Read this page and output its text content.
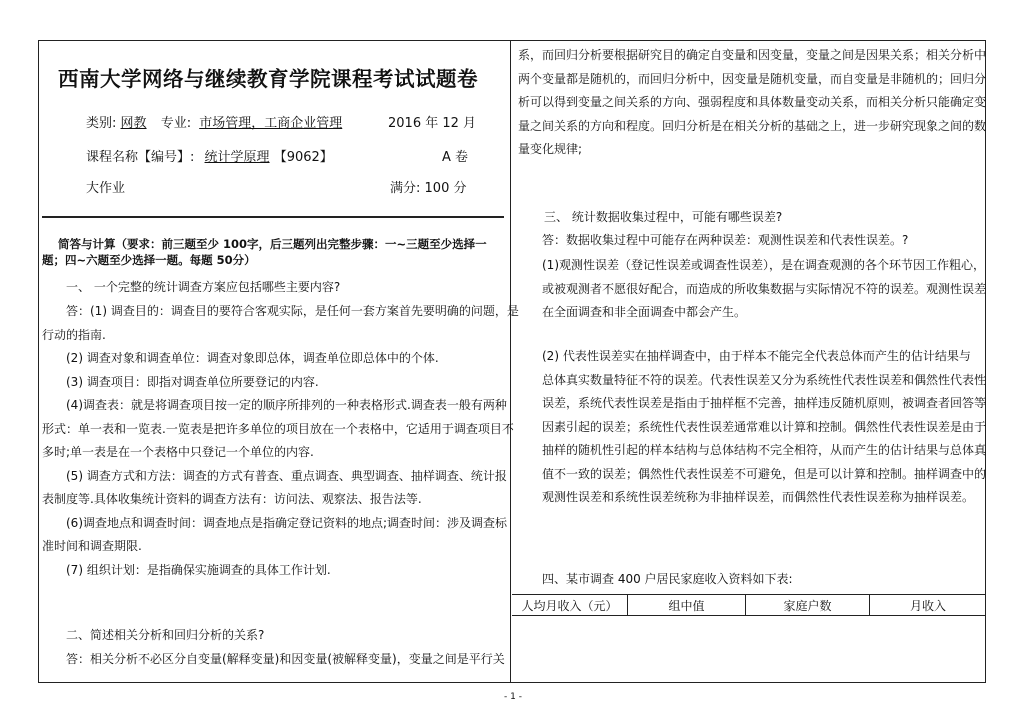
西南大学网络与继续教育学院课程考试试题卷
类别: 网教 专业: 市场管理，工商企业管理	2016 年 12 月
课程名称【编号】: 统计学原理 【9062】	A 卷
大作业	满分: 100 分
简答与计算（要求：前三题至少 100字，后三题列出完整步骤：一~三题至少选择一
题；四~六题至少选择一题。每题 50分）
一、 一个完整的统计调查方案应包括哪些主要内容?
答：(1) 调查目的：调查目的要符合客观实际，是任何一套方案首先要明确的问题，是
行动的指南.
(2) 调查对象和调查单位：调查对象即总体，调查单位即总体中的个体.
(3) 调查项目：即指对调查单位所要登记的内容.
(4)调查表：就是将调查项目按一定的顺序所排列的一种表格形式.调查表一般有两种
形式：单一表和一览表.一览表是把许多单位的项目放在一个表格中，它适用于调查项目不
多时;单一表是在一个表格中只登记一个单位的内容.
(5) 调查方式和方法：调查的方式有普查、重点调查、典型调查、抽样调查、统计报
表制度等.具体收集统计资料的调查方法有：访问法、观察法、报告法等.
(6)调查地点和调查时间：调查地点是指确定登记资料的地点;调查时间：涉及调查标
准时间和调查期限.
(7) 组织计划：是指确保实施调查的具体工作计划.
二、简述相关分析和回归分析的关系?
答：相关分析不必区分自变量(解释变量)和因变量(被解释变量)，变量之间是平行关
系，而回归分析要根据研究目的确定自变量和因变量，变量之间是因果关系；相关分析中
两个变量都是随机的，而回归分析中，因变量是随机变量，而自变量是非随机的；回归分
析可以得到变量之间关系的方向、强弱程度和具体数量变动关系，而相关分析只能确定变
量之间关系的方向和程度。回归分析是在相关分析的基础之上，进一步研究现象之间的数
量变化规律;
三、 统计数据收集过程中，可能有哪些误差?
答：数据收集过程中可能存在两种误差：观测性误差和代表性误差。?
(1)观测性误差（登记性误差或调查性误差），是在调查观测的各个环节因工作粗心，
或被观测者不愿很好配合，而造成的所收集数据与实际情况不符的误差。观测性误差
在全面调查和非全面调查中都会产生。
(2) 代表性误差实在抽样调查中，由于样本不能完全代表总体而产生的估计结果与
总体真实数量特征不符的误差。代表性误差又分为系统性代表性误差和偶然性代表性
误差，系统代表性误差是指由于抽样框不完善，抽样违反随机原则，被调查者回答等
因素引起的误差；系统性代表性误差通常难以计算和控制。偶然性代表性误差是由于
抽样的随机性引起的样本结构与总体结构不完全相符，从而产生的估计结果与总体真
值不一致的误差；偶然性代表性误差不可避免，但是可以计算和控制。抽样调查中的
观测性误差和系统性误差统称为非抽样误差，而偶然性代表性误差称为抽样误差。
四、某市调查 400 户居民家庭收入资料如下表:
人均月收入（元）	组中值	家庭户数	月收入
- 1 -
